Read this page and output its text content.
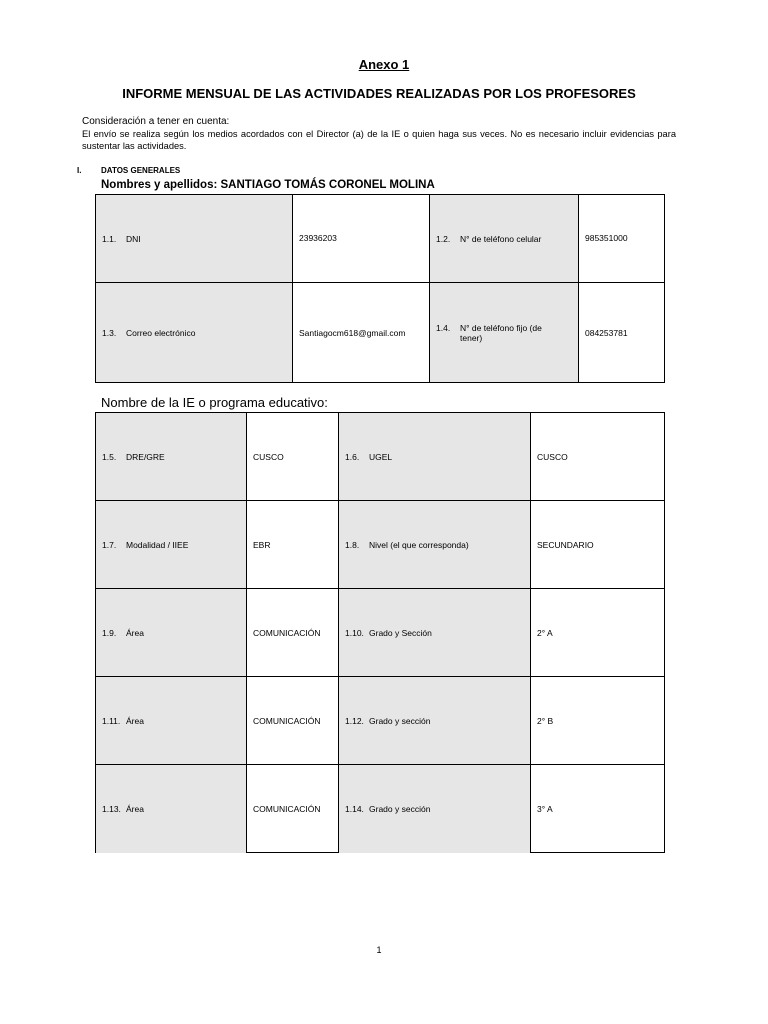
Anexo 1
INFORME MENSUAL DE LAS ACTIVIDADES REALIZADAS POR LOS PROFESORES
Consideración a tener en cuenta:
El envío se realiza según los medios acordados con el Director (a) de la IE o quien haga sus veces. No es necesario incluir evidencias para sustentar las actividades.
I. DATOS GENERALES
Nombres y apellidos: SANTIAGO TOMÁS CORONEL MOLINA
1.1. DNI	23936203	1.2. N° de teléfono celular	985351000
1.3. Correo electrónico	Santiagocm618@gmail.com	1.4. N° de teléfono fijo (de tener)	084253781
Nombre de la IE o programa educativo:
1.5. DRE/GRE	CUSCO	1.6. UGEL	CUSCO
1.7. Modalidad / IIEE	EBR	1.8. Nivel (el que corresponda)	SECUNDARIO
1.9. Área	COMUNICACIÓN	1.10. Grado y Sección	2° A
1.11. Área	COMUNICACIÓN	1.12. Grado y sección	2° B
1.13. Área	COMUNICACIÓN	1.14. Grado y sección	3° A
1
